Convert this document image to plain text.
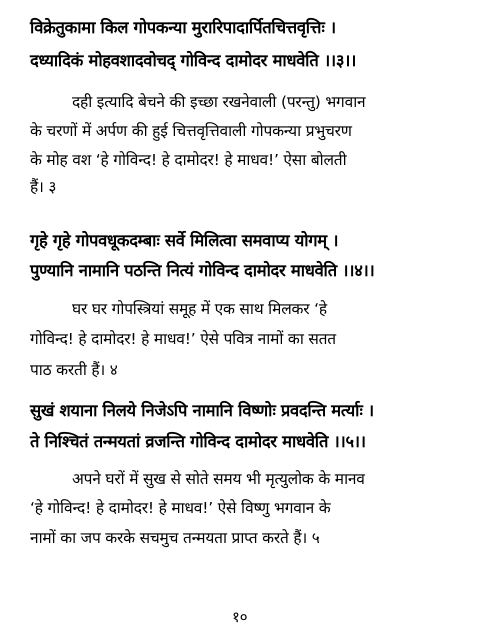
विक्रेतुकामा किल गोपकन्या मुरारिपादार्पितचित्तवृत्तिः ।
दध्यादिकं मोहवशादवोचद् गोविन्द दामोदर माधवेति ।।३।।
दही इत्यादि बेचने की इच्छा रखनेवाली (परन्तु) भगवान
के चरणों में अर्पण की हुई चित्तवृत्तिवाली गोपकन्या प्रभुचरण
के मोह वश ‘हे गोविन्द! हे दामोदर! हे माधव!’ ऐसा बोलती
हैं। ३
गृहे गृहे गोपवधूकदम्बाः सर्वे मिलित्वा समवाप्य योगम् ।
पुण्यानि नामानि पठन्ति नित्यं गोविन्द दामोदर माधवेति ।।४।।
घर घर गोपस्त्रियां समूह में एक साथ मिलकर ‘हे
गोविन्द! हे दामोदर! हे माधव!’ ऐसे पवित्र नामों का सतत
पाठ करती हैं। ४
सुखं शयाना निलये निजेऽपि नामानि विष्णोः प्रवदन्ति मर्त्याः ।
ते निश्चितं तन्मयतां व्रजन्ति गोविन्द दामोदर माधवेति ।।५।।
अपने घरों में सुख से सोते समय भी मृत्युलोक के मानव
‘हे गोविन्द! हे दामोदर! हे माधव!’ ऐसे विष्णु भगवान के
नामों का जप करके सचमुच तन्मयता प्राप्त करते हैं। ५
१०
